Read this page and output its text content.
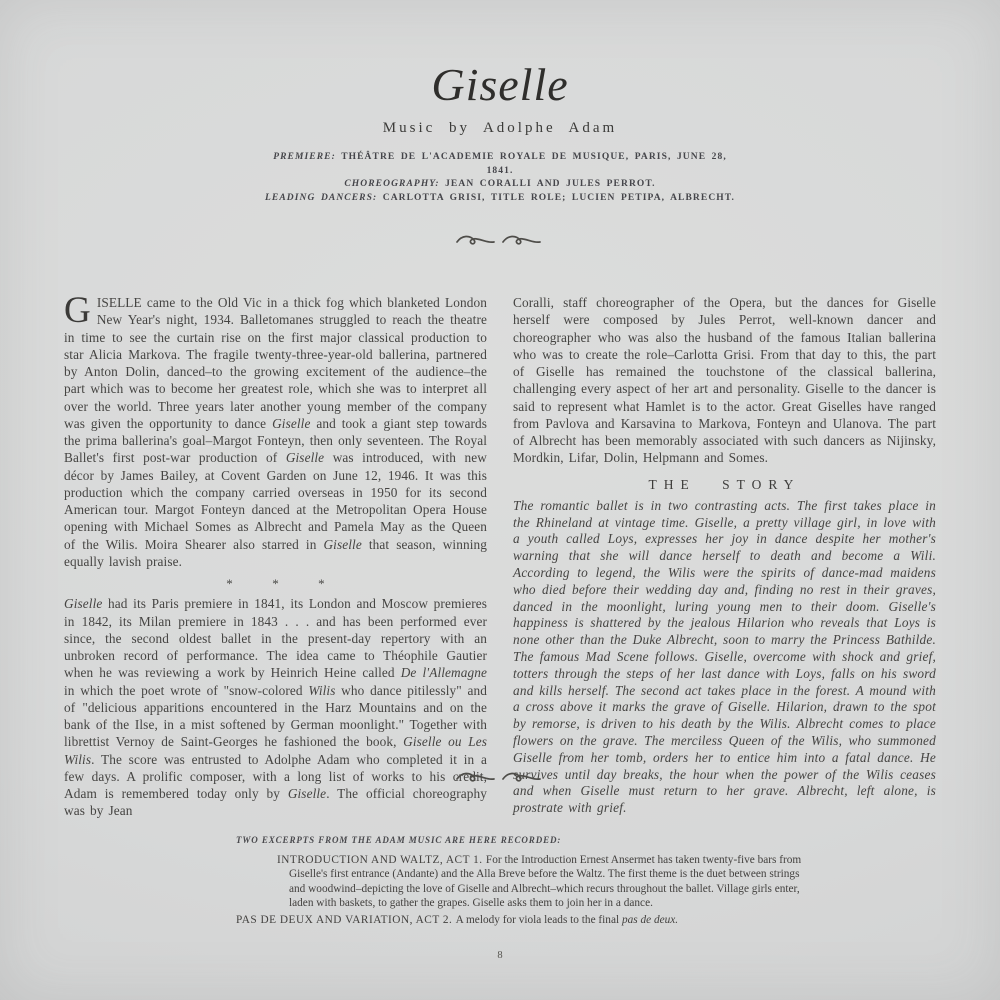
Giselle
Music by Adolphe Adam
PREMIERE: THÉÂTRE DE L'ACADEMIE ROYALE DE MUSIQUE, PARIS, JUNE 28,
1841.
CHOREOGRAPHY: JEAN CORALLI AND JULES PERROT.
LEADING DANCERS: CARLOTTA GRISI, TITLE ROLE; LUCIEN PETIPA, ALBRECHT.

GISELLE came to the Old Vic in a thick fog which blanketed London New Year's night, 1934. Balletomanes struggled to reach the theatre in time to see the curtain rise on the first major classical production to star Alicia Markova. The fragile twenty-three-year-old ballerina, partnered by Anton Dolin, danced–to the growing excitement of the audience–the part which was to become her greatest role, which she was to interpret all over the world. Three years later another young member of the company was given the opportunity to dance Giselle and took a giant step towards the prima ballerina's goal–Margot Fonteyn, then only seventeen. The Royal Ballet's first post-war production of Giselle was introduced, with new décor by James Bailey, at Covent Garden on June 12, 1946. It was this production which the company carried overseas in 1950 for its second American tour. Margot Fonteyn danced at the Metropolitan Opera House opening with Michael Somes as Albrecht and Pamela May as the Queen of the Wilis. Moira Shearer also starred in Giselle that season, winning equally lavish praise.

* * *

Giselle had its Paris premiere in 1841, its London and Moscow premieres in 1842, its Milan premiere in 1843 . . . and has been performed ever since, the second oldest ballet in the present-day repertory with an unbroken record of performance. The idea came to Théophile Gautier when he was reviewing a work by Heinrich Heine called De l'Allemagne in which the poet wrote of "snow-colored Wilis who dance pitilessly" and of "delicious apparitions encountered in the Harz Mountains and on the bank of the Ilse, in a mist softened by German moonlight." Together with librettist Vernoy de Saint-Georges he fashioned the book, Giselle ou Les Wilis. The score was entrusted to Adolphe Adam who completed it in a few days. A prolific composer, with a long list of works to his credit, Adam is remembered today only by Giselle. The official choreography was by Jean

Coralli, staff choreographer of the Opera, but the dances for Giselle herself were composed by Jules Perrot, well-known dancer and choreographer who was also the husband of the famous Italian ballerina who was to create the role–Carlotta Grisi. From that day to this, the part of Giselle has remained the touchstone of the classical ballerina, challenging every aspect of her art and personality. Giselle to the dancer is said to represent what Hamlet is to the actor. Great Giselles have ranged from Pavlova and Karsavina to Markova, Fonteyn and Ulanova. The part of Albrecht has been memorably associated with such dancers as Nijinsky, Mordkin, Lifar, Dolin, Helpmann and Somes.

THE STORY

The romantic ballet is in two contrasting acts. The first takes place in the Rhineland at vintage time. Giselle, a pretty village girl, in love with a youth called Loys, expresses her joy in dance despite her mother's warning that she will dance herself to death and become a Wili. According to legend, the Wilis were the spirits of dance-mad maidens who died before their wedding day and, finding no rest in their graves, danced in the moonlight, luring young men to their doom. Giselle's happiness is shattered by the jealous Hilarion who reveals that Loys is none other than the Duke Albrecht, soon to marry the Princess Bathilde. The famous Mad Scene follows. Giselle, overcome with shock and grief, totters through the steps of her last dance with Loys, falls on his sword and kills herself. The second act takes place in the forest. A mound with a cross above it marks the grave of Giselle. Hilarion, drawn to the spot by remorse, is driven to his death by the Wilis. Albrecht comes to place flowers on the grave. The merciless Queen of the Wilis, who summoned Giselle from her tomb, orders her to entice him into a fatal dance. He survives until day breaks, the hour when the power of the Wilis ceases and when Giselle must return to her grave. Albrecht, left alone, is prostrate with grief.

TWO EXCERPTS FROM THE ADAM MUSIC ARE HERE RECORDED:

INTRODUCTION AND WALTZ, ACT 1. For the Introduction Ernest Ansermet has taken twenty-five bars from Giselle's first entrance (Andante) and the Alla Breve before the Waltz. The first theme is the duet between strings and woodwind–depicting the love of Giselle and Albrecht–which recurs throughout the ballet. Village girls enter, laden with baskets, to gather the grapes. Giselle asks them to join her in a dance.

PAS DE DEUX AND VARIATION, ACT 2. A melody for viola leads to the final pas de deux.

8
